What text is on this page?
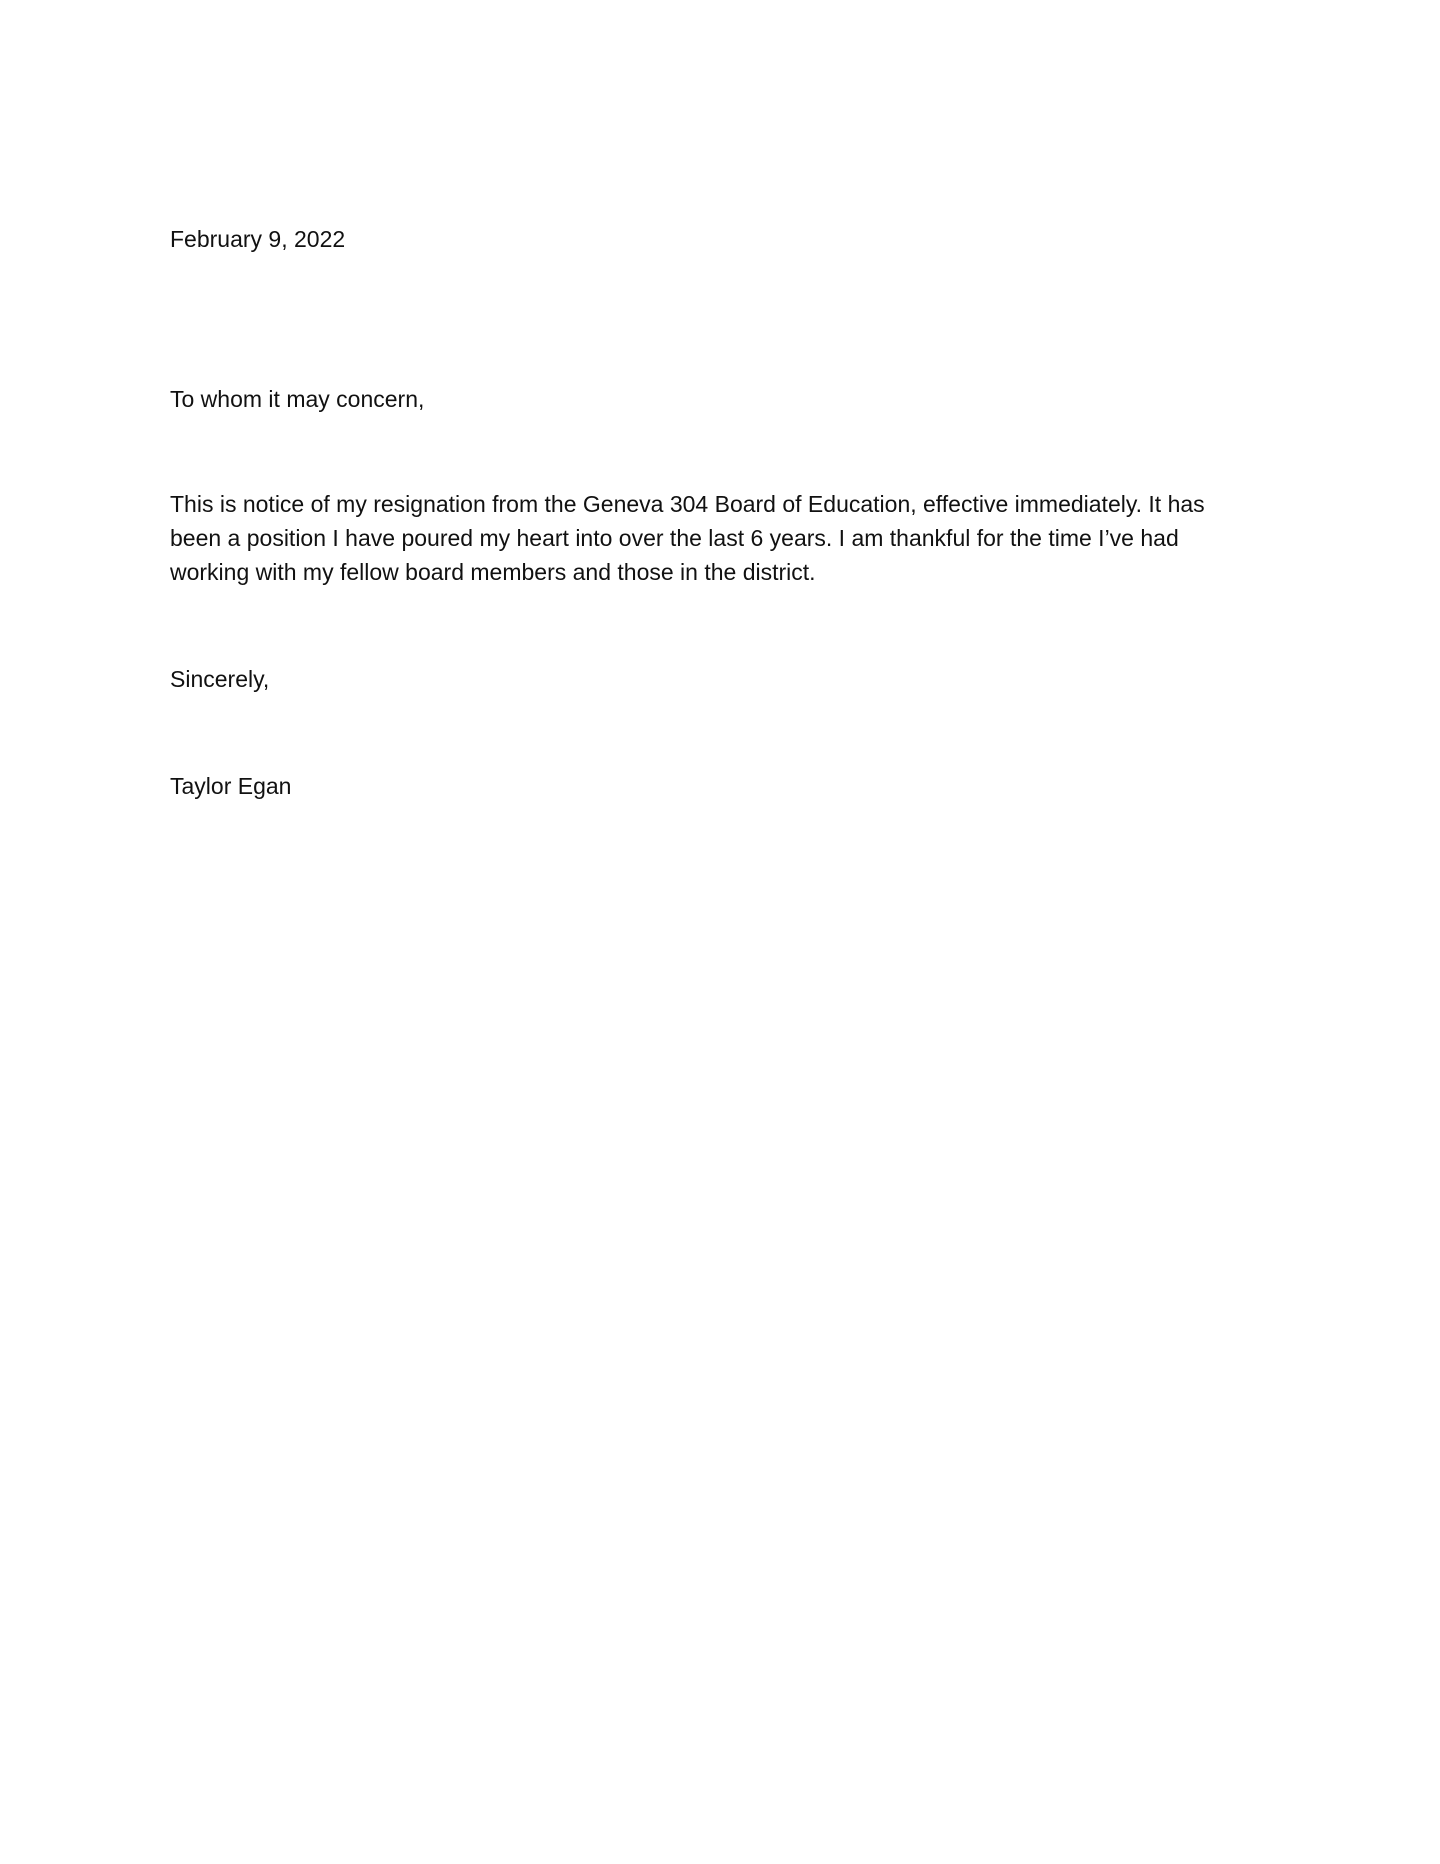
February 9, 2022

To whom it may concern,

This is notice of my resignation from the Geneva 304 Board of Education, effective immediately. It has
been a position I have poured my heart into over the last 6 years. I am thankful for the time I’ve had
working with my fellow board members and those in the district.

Sincerely,

Taylor Egan
